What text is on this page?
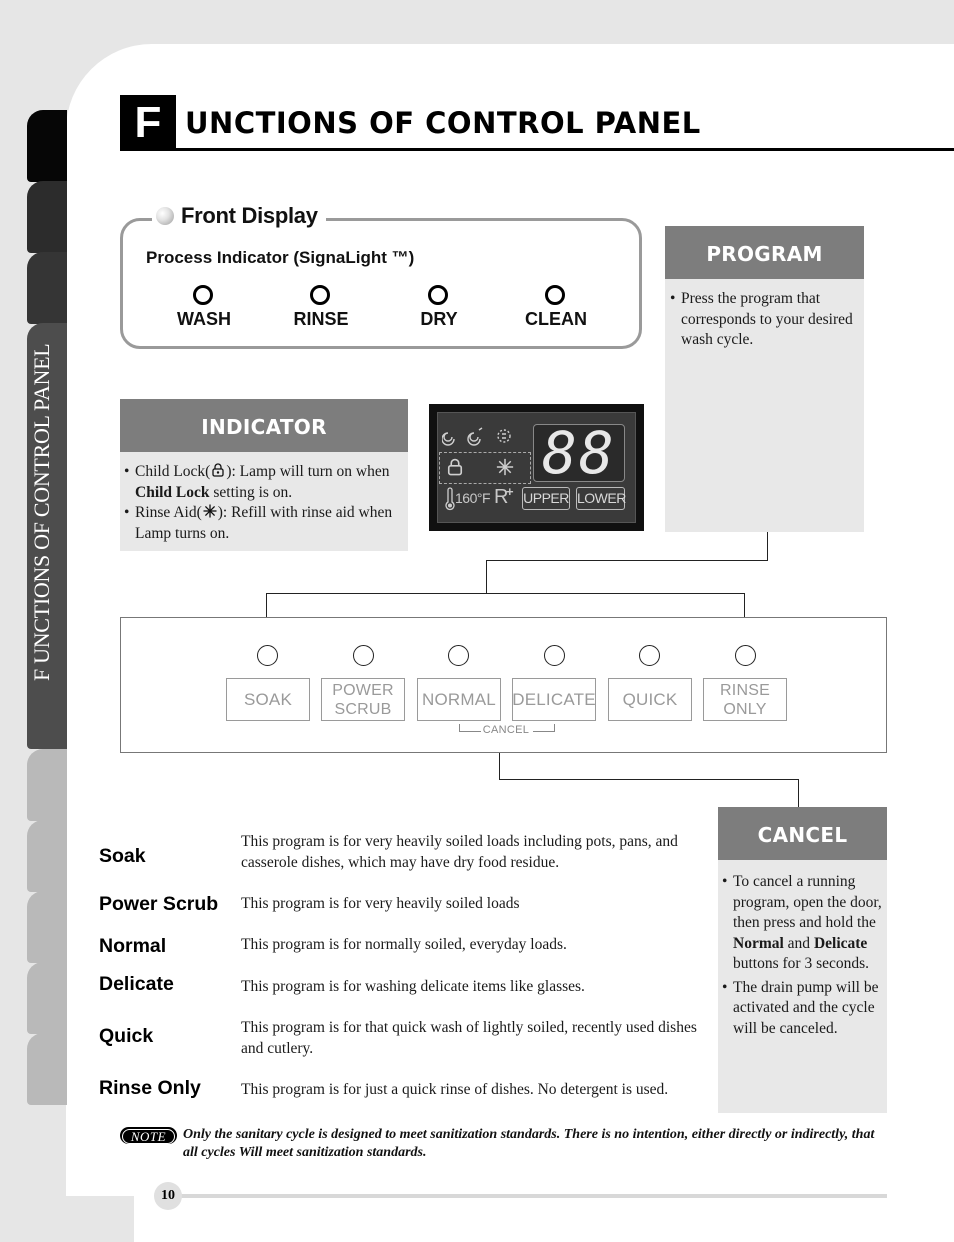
F UNCTIONS OF CONTROL PANEL
F UNCTIONS OF CONTROL PANEL
Front Display
Process Indicator (SignaLight ™)
WASH	RINSE	DRY	CLEAN
PROGRAM
• Press the program that corresponds to your desired wash cycle.
INDICATOR
• Child Lock( ): Lamp will turn on when Child Lock setting is on.
• Rinse Aid( ): Refill with rinse aid when Lamp turns on.
88
160°F R
+ UPPER LOWER
SOAK	POWER
SCRUB
NORMAL DELICATE QUICK	RINSE
ONLY
CANCEL
Soak
This program is for very heavily soiled loads including pots, pans, and casserole dishes, which may have dry food residue.
Power Scrub This program is for very heavily soiled loads
Normal	This program is for normally soiled, everyday loads.
Delicate	This program is for washing delicate items like glasses.
Quick	This program is for that quick wash of lightly soiled, recently used dishes and cutlery.
Rinse Only	This program is for just a quick rinse of dishes. No detergent is used.
CANCEL
• To cancel a running program, open the door, then press and hold the Normal and Delicate buttons for 3 seconds.
• The drain pump will be activated and the cycle will be canceled.
NOTE	Only the sanitary cycle is designed to meet sanitization standards. There is no intention, either directly or indirectly, that all cycles Will meet sanitization standards.
10
